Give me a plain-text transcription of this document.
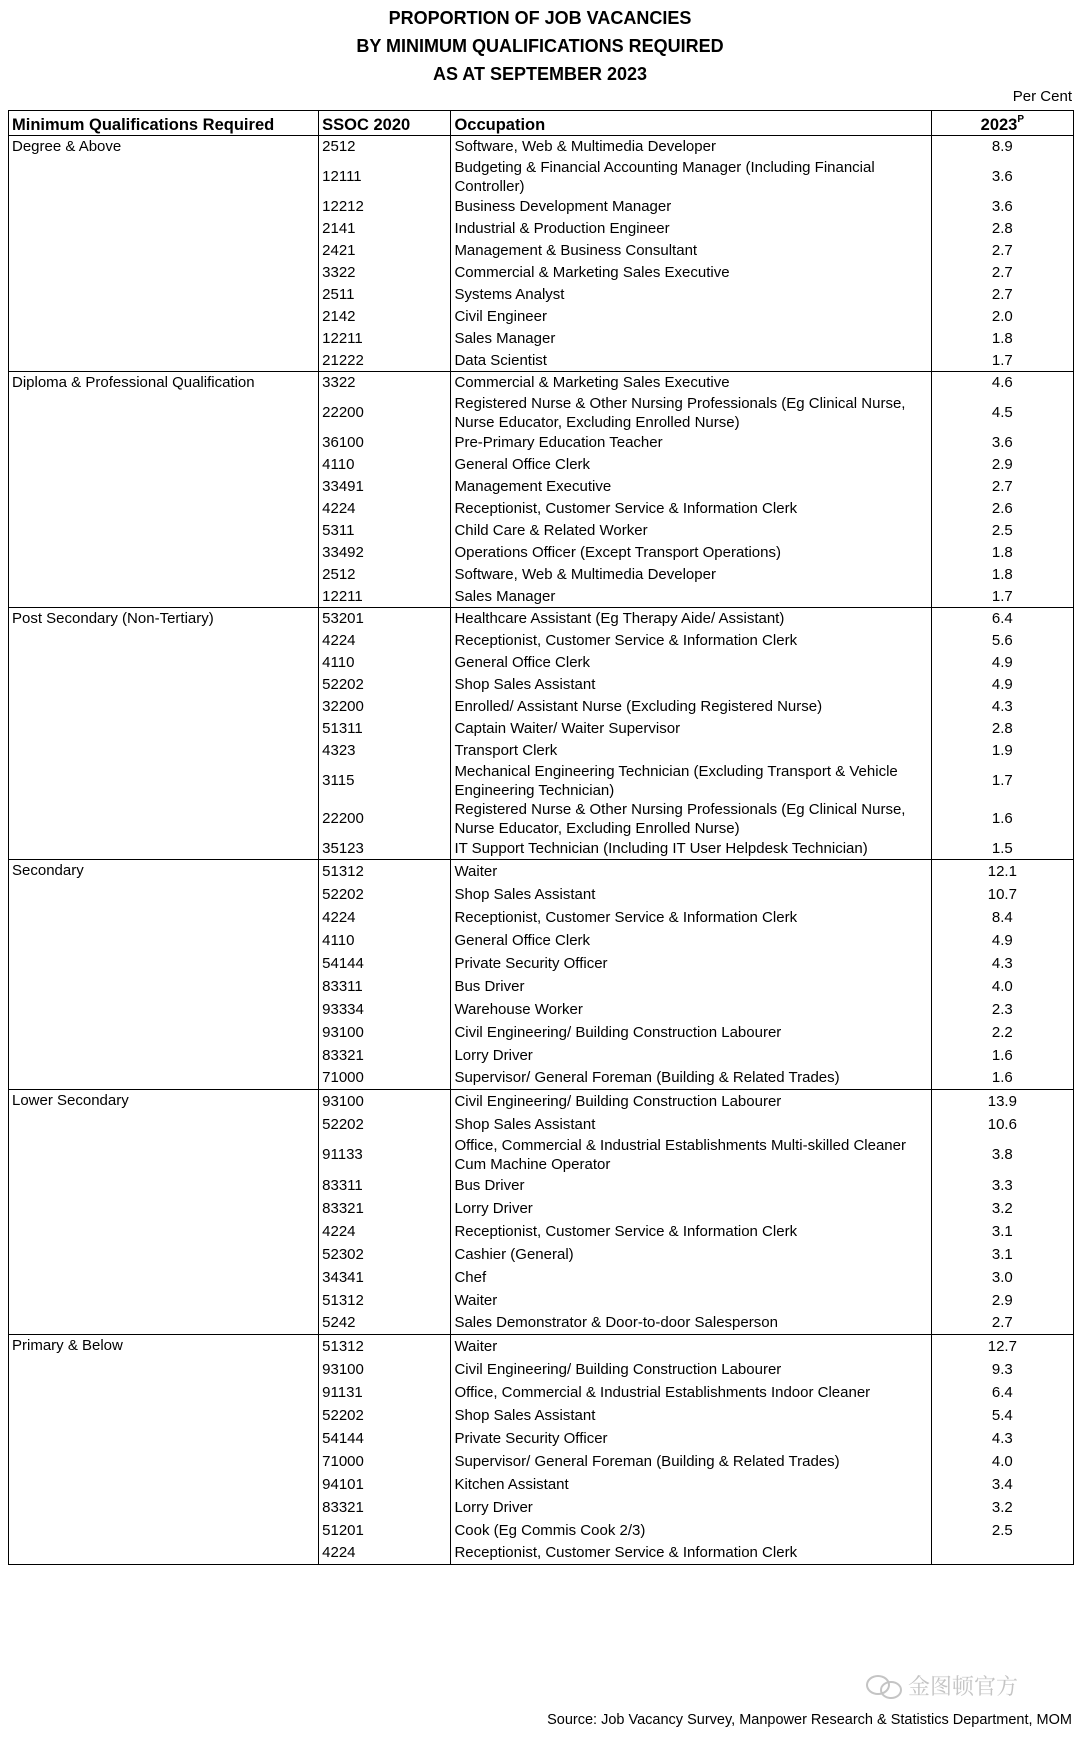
PROPORTION OF JOB VACANCIES
BY MINIMUM QUALIFICATIONS REQUIRED
AS AT SEPTEMBER 2023
Per Cent
Minimum Qualifications Required	SSOC 2020	Occupation	$2023^P$
Degree & Above	2512	Software, Web & Multimedia Developer	8.9
	12111	Budgeting & Financial Accounting Manager (Including Financial Controller)	3.6
	12212	Business Development Manager	3.6
	2141	Industrial & Production Engineer	2.8
	2421	Management & Business Consultant	2.7
	3322	Commercial & Marketing Sales Executive	2.7
	2511	Systems Analyst	2.7
	2142	Civil Engineer	2.0
	12211	Sales Manager	1.8
	21222	Data Scientist	1.7
Diploma & Professional Qualification	3322	Commercial & Marketing Sales Executive	4.6
	22200	Registered Nurse & Other Nursing Professionals (Eg Clinical Nurse, Nurse Educator, Excluding Enrolled Nurse)	4.5
	36100	Pre-Primary Education Teacher	3.6
	4110	General Office Clerk	2.9
	33491	Management Executive	2.7
	4224	Receptionist, Customer Service & Information Clerk	2.6
	5311	Child Care & Related Worker	2.5
	33492	Operations Officer (Except Transport Operations)	1.8
	2512	Software, Web & Multimedia Developer	1.8
	12211	Sales Manager	1.7
Post Secondary (Non-Tertiary)	53201	Healthcare Assistant (Eg Therapy Aide/ Assistant)	6.4
	4224	Receptionist, Customer Service & Information Clerk	5.6
	4110	General Office Clerk	4.9
	52202	Shop Sales Assistant	4.9
	32200	Enrolled/ Assistant Nurse (Excluding Registered Nurse)	4.3
	51311	Captain Waiter/ Waiter Supervisor	2.8
	4323	Transport Clerk	1.9
	3115	Mechanical Engineering Technician (Excluding Transport & Vehicle Engineering Technician)	1.7
	22200	Registered Nurse & Other Nursing Professionals (Eg Clinical Nurse, Nurse Educator, Excluding Enrolled Nurse)	1.6
	35123	IT Support Technician (Including IT User Helpdesk Technician)	1.5
Secondary	51312	Waiter	12.1
	52202	Shop Sales Assistant	10.7
	4224	Receptionist, Customer Service & Information Clerk	8.4
	4110	General Office Clerk	4.9
	54144	Private Security Officer	4.3
	83311	Bus Driver	4.0
	93334	Warehouse Worker	2.3
	93100	Civil Engineering/ Building Construction Labourer	2.2
	83321	Lorry Driver	1.6
	71000	Supervisor/ General Foreman (Building & Related Trades)	1.6
Lower Secondary	93100	Civil Engineering/ Building Construction Labourer	13.9
	52202	Shop Sales Assistant	10.6
	91133	Office, Commercial & Industrial Establishments Multi-skilled Cleaner Cum Machine Operator	3.8
	83311	Bus Driver	3.3
	83321	Lorry Driver	3.2
	4224	Receptionist, Customer Service & Information Clerk	3.1
	52302	Cashier (General)	3.1
	34341	Chef	3.0
	51312	Waiter	2.9
	5242	Sales Demonstrator & Door-to-door Salesperson	2.7
Primary & Below	51312	Waiter	12.7
	93100	Civil Engineering/ Building Construction Labourer	9.3
	91131	Office, Commercial & Industrial Establishments Indoor Cleaner	6.4
	52202	Shop Sales Assistant	5.4
	54144	Private Security Officer	4.3
	71000	Supervisor/ General Foreman (Building & Related Trades)	4.0
	94101	Kitchen Assistant	3.4
	83321	Lorry Driver	3.2
	51201	Cook (Eg Commis Cook 2/3)	2.5
	4224	Receptionist, Customer Service & Information Clerk	
金图顿官方
Source: Job Vacancy Survey, Manpower Research & Statistics Department, MOM
